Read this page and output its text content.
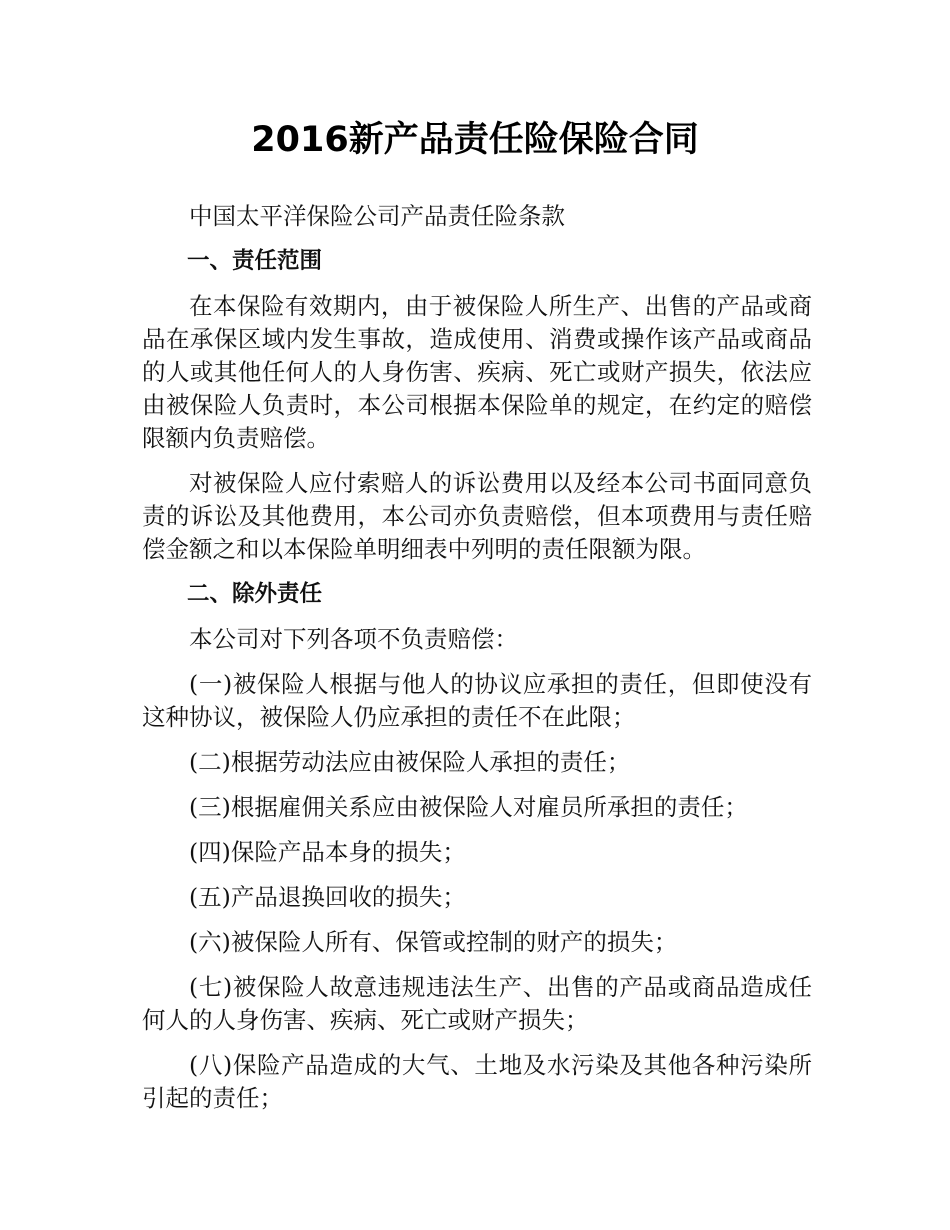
2016新产品责任险保险合同

中国太平洋保险公司产品责任险条款

一、责任范围

在本保险有效期内，由于被保险人所生产、出售的产品或商品在承保区域内发生事故，造成使用、消费或操作该产品或商品的人或其他任何人的人身伤害、疾病、死亡或财产损失，依法应由被保险人负责时，本公司根据本保险单的规定，在约定的赔偿限额内负责赔偿。

对被保险人应付索赔人的诉讼费用以及经本公司书面同意负责的诉讼及其他费用，本公司亦负责赔偿，但本项费用与责任赔偿金额之和以本保险单明细表中列明的责任限额为限。

二、除外责任

本公司对下列各项不负责赔偿：

(一)被保险人根据与他人的协议应承担的责任，但即使没有这种协议，被保险人仍应承担的责任不在此限；

(二)根据劳动法应由被保险人承担的责任；

(三)根据雇佣关系应由被保险人对雇员所承担的责任；

(四)保险产品本身的损失；

(五)产品退换回收的损失；

(六)被保险人所有、保管或控制的财产的损失；

(七)被保险人故意违规违法生产、出售的产品或商品造成任何人的人身伤害、疾病、死亡或财产损失；

(八)保险产品造成的大气、土地及水污染及其他各种污染所引起的责任；
